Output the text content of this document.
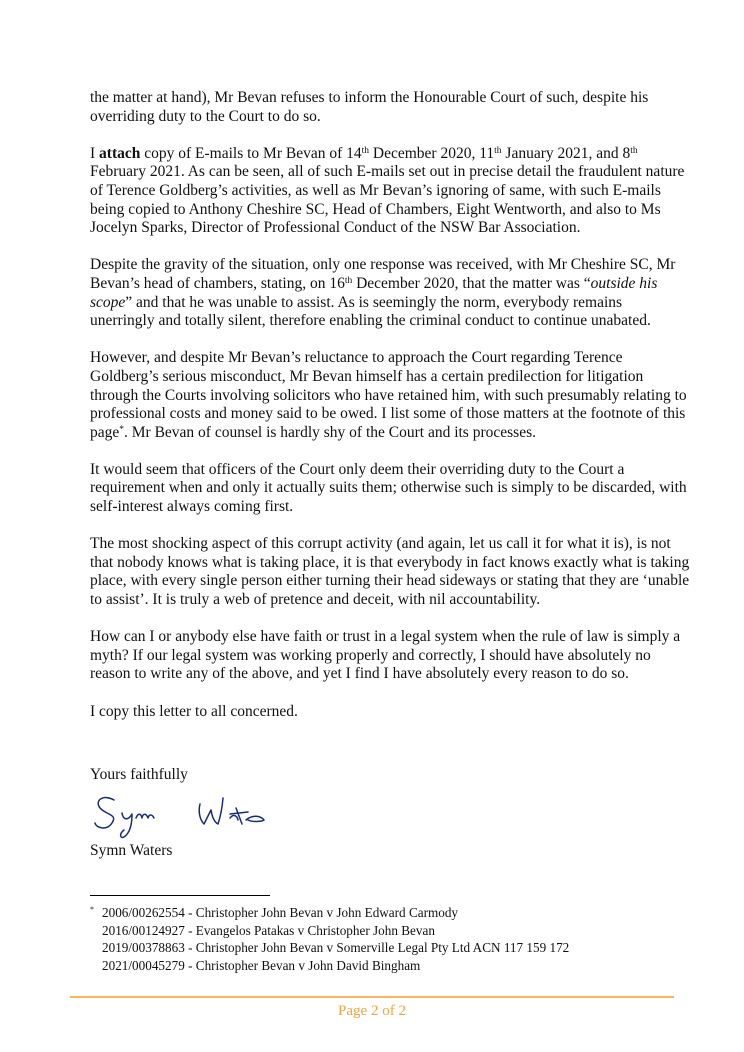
the matter at hand), Mr Bevan refuses to inform the Honourable Court of such, despite his overriding duty to the Court to do so.

I attach copy of E-mails to Mr Bevan of 14th December 2020, 11th January 2021, and 8th February 2021. As can be seen, all of such E-mails set out in precise detail the fraudulent nature of Terence Goldberg’s activities, as well as Mr Bevan’s ignoring of same, with such E-mails being copied to Anthony Cheshire SC, Head of Chambers, Eight Wentworth, and also to Ms Jocelyn Sparks, Director of Professional Conduct of the NSW Bar Association.

Despite the gravity of the situation, only one response was received, with Mr Cheshire SC, Mr Bevan’s head of chambers, stating, on 16th December 2020, that the matter was “outside his scope” and that he was unable to assist. As is seemingly the norm, everybody remains unerringly and totally silent, therefore enabling the criminal conduct to continue unabated.

However, and despite Mr Bevan’s reluctance to approach the Court regarding Terence Goldberg’s serious misconduct, Mr Bevan himself has a certain predilection for litigation through the Courts involving solicitors who have retained him, with such presumably relating to professional costs and money said to be owed. I list some of those matters at the footnote of this page*. Mr Bevan of counsel is hardly shy of the Court and its processes.

It would seem that officers of the Court only deem their overriding duty to the Court a requirement when and only it actually suits them; otherwise such is simply to be discarded, with self-interest always coming first.

The most shocking aspect of this corrupt activity (and again, let us call it for what it is), is not that nobody knows what is taking place, it is that everybody in fact knows exactly what is taking place, with every single person either turning their head sideways or stating that they are ‘unable to assist’. It is truly a web of pretence and deceit, with nil accountability.

How can I or anybody else have faith or trust in a legal system when the rule of law is simply a myth? If our legal system was working properly and correctly, I should have absolutely no reason to write any of the above, and yet I find I have absolutely every reason to do so.

I copy this letter to all concerned.

Yours faithfully
Symn Waters
* 2006/00262554 - Christopher John Bevan v John Edward Carmody
2016/00124927 - Evangelos Patakas v Christopher John Bevan
2019/00378863 - Christopher John Bevan v Somerville Legal Pty Ltd ACN 117 159 172
2021/00045279 - Christopher Bevan v John David Bingham
Page 2 of 2
